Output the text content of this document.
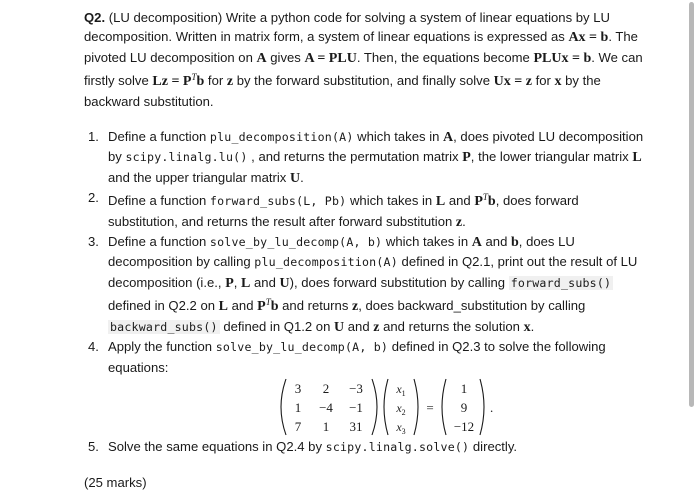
Q2. (LU decomposition) Write a python code for solving a system of linear equations by LU decomposition. Written in matrix form, a system of linear equations is expressed as Ax = b. The pivoted LU decomposition on A gives A = PLU. Then, the equations become PLUx = b. We can firstly solve $Lz = P^Tb$ for z by the forward substitution, and finally solve Ux = z for x by the backward substitution.

1. Define a function plu_decomposition(A) which takes in A, does pivoted LU decomposition by scipy.linalg.lu() , and returns the permutation matrix P, the lower triangular matrix L and the upper triangular matrix U.
2. Define a function forward_subs(L, Pb) which takes in L and $P^Tb$, does forward substitution, and returns the result after forward substitution z.
3. Define a function solve_by_lu_decomp(A, b) which takes in A and b, does LU decomposition by calling plu_decomposition(A) defined in Q2.1, print out the result of LU decomposition (i.e., P, L and U), does forward substitution by calling forward_subs() defined in Q2.2 on L and $P^Tb$ and returns z, does backward_substitution by calling backward_subs() defined in Q1.2 on U and z and returns the solution x.
4. Apply the function solve_by_lu_decomp(A, b) defined in Q2.3 to solve the following equations:
3 2 −3
1 −4 −1
7 1 31
$x_1$
$x_2$
$x_3$
=
1
9
−12
.
5. Solve the same equations in Q2.4 by scipy.linalg.solve() directly.
(25 marks)
